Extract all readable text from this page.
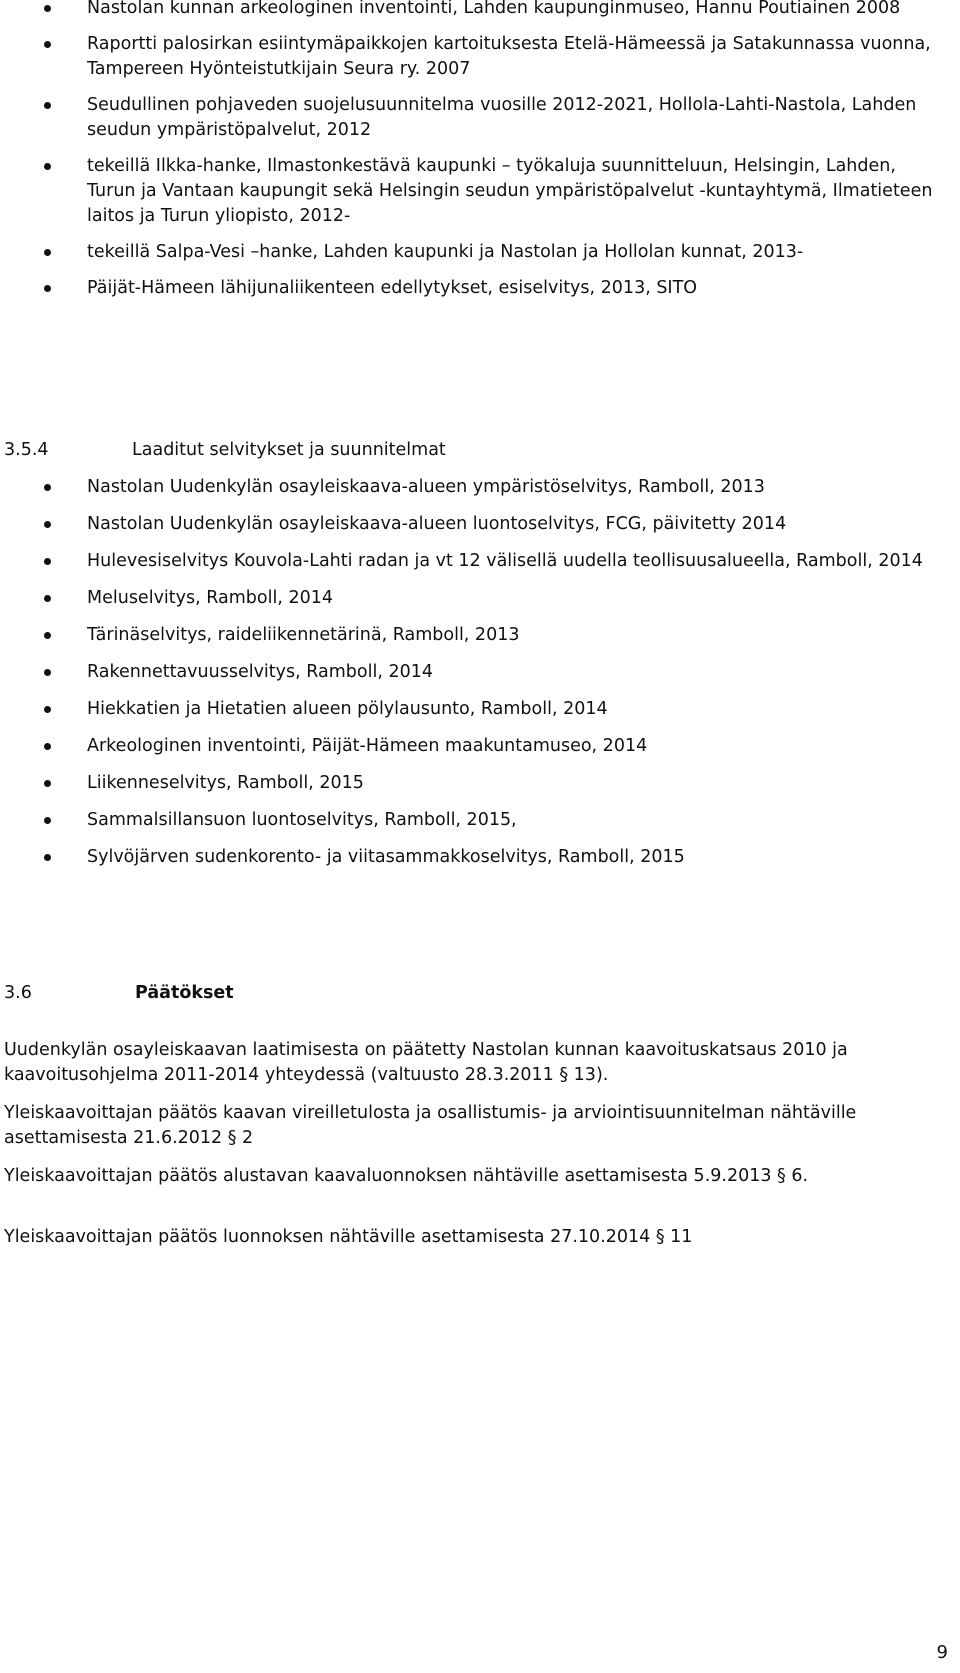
Nastolan kunnan arkeologinen inventointi, Lahden kaupunginmuseo, Hannu Poutiainen 2008
Raportti palosirkan esiintymäpaikkojen kartoituksesta Etelä-Hämeessä ja Satakunnassa vuonna, Tampereen Hyönteistutkijain Seura ry. 2007
Seudullinen pohjaveden suojelusuunnitelma vuosille 2012-2021, Hollola-Lahti-Nastola, Lahden seudun ympäristöpalvelut, 2012
tekeillä Ilkka-hanke, Ilmastonkestävä kaupunki – työkaluja suunnitteluun, Helsingin, Lahden, Turun ja Vantaan kaupungit sekä Helsingin seudun ympäristöpalvelut -kuntayhtymä, Ilmatieteen laitos ja Turun yliopisto, 2012-
tekeillä Salpa-Vesi –hanke, Lahden kaupunki ja Nastolan ja Hollolan kunnat, 2013-
Päijät-Hämeen lähijunaliikenteen edellytykset, esiselvitys, 2013, SITO
3.5.4	Laaditut selvitykset ja suunnitelmat
Nastolan Uudenkylän osayleiskaava-alueen ympäristöselvitys, Ramboll, 2013
Nastolan Uudenkylän osayleiskaava-alueen luontoselvitys, FCG, päivitetty 2014
Hulevesiselvitys Kouvola-Lahti radan ja vt 12 välisellä uudella teollisuusalueella, Ramboll, 2014
Meluselvitys, Ramboll, 2014
Tärinäselvitys, raideliikennetärinä, Ramboll, 2013
Rakennettavuusselvitys, Ramboll, 2014
Hiekkatien ja Hietatien alueen pölylausunto, Ramboll, 2014
Arkeologinen inventointi, Päijät-Hämeen maakuntamuseo, 2014
Liikenneselvitys, Ramboll, 2015
Sammalsillansuon luontoselvitys, Ramboll, 2015,
Sylvöjärven sudenkorento- ja viitasammakkoselvitys, Ramboll, 2015
3.6	Päätökset

Uudenkylän osayleiskaavan laatimisesta on päätetty Nastolan kunnan kaavoituskatsaus 2010 ja kaavoitusohjelma 2011-2014 yhteydessä (valtuusto 28.3.2011 § 13).

Yleiskaavoittajan päätös kaavan vireilletulosta ja osallistumis- ja arviointisuunnitelman nähtäville asettamisesta 21.6.2012 § 2

Yleiskaavoittajan päätös alustavan kaavaluonnoksen nähtäville asettamisesta 5.9.2013 § 6.

Yleiskaavoittajan päätös luonnoksen nähtäville asettamisesta 27.10.2014 § 11

9
